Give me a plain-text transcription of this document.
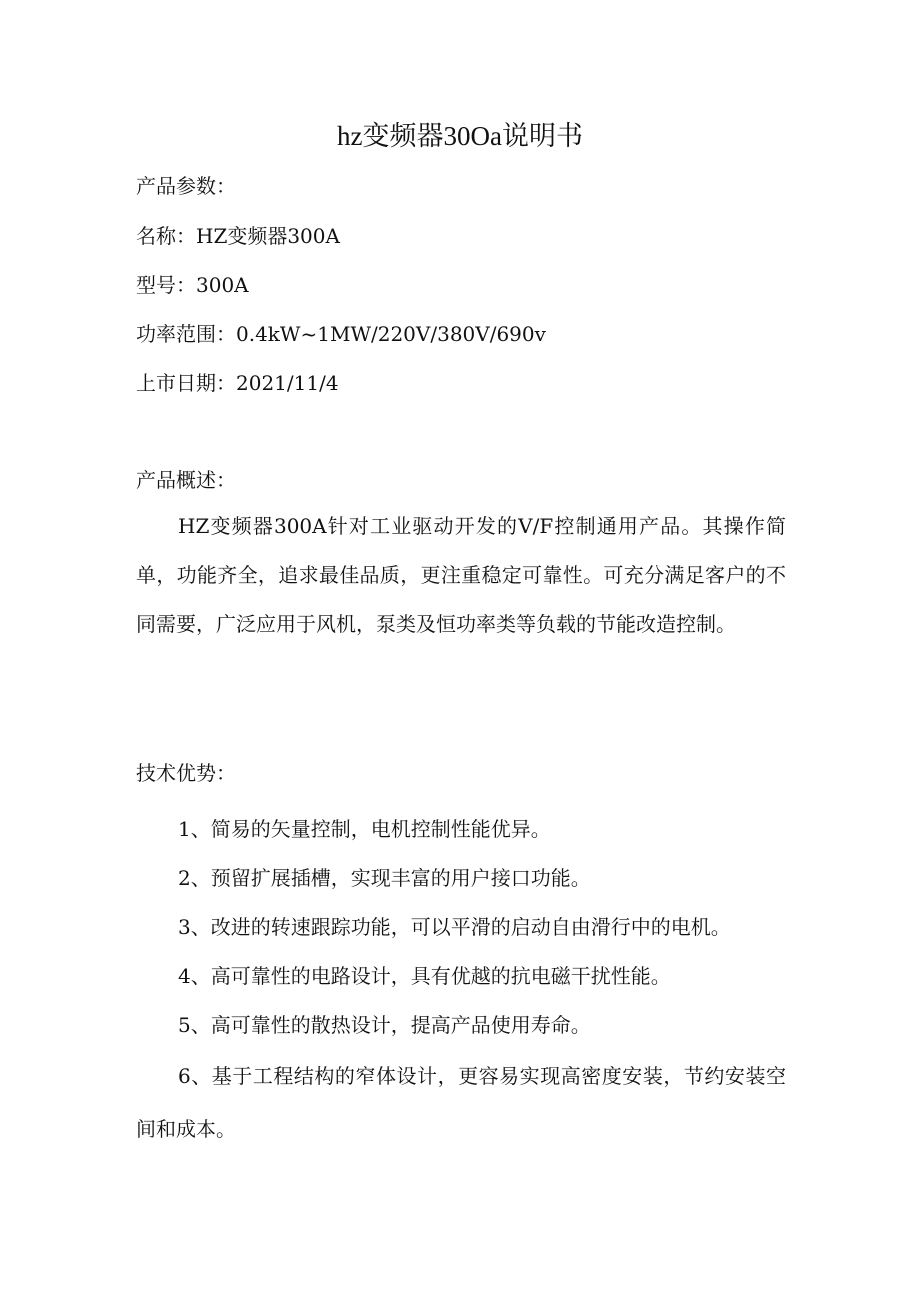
hz变频器30Oa说明书
产品参数：
名称：HZ变频器300A
型号：300A
功率范围：0.4kW~1MW/220V/380V/690v
上市日期：2021/11/4
产品概述：

HZ变频器300A针对工业驱动开发的V/F控制通用产品。其操作简单，功能齐全，追求最佳品质，更注重稳定可靠性。可充分满足客户的不同需要，广泛应用于风机，泵类及恒功率类等负载的节能改造控制。

技术优势：
1、简易的矢量控制，电机控制性能优异。
2、预留扩展插槽，实现丰富的用户接口功能。
3、改进的转速跟踪功能，可以平滑的启动自由滑行中的电机。
4、高可靠性的电路设计，具有优越的抗电磁干扰性能。
5、高可靠性的散热设计，提高产品使用寿命。
6、基于工程结构的窄体设计，更容易实现高密度安装，节约安装空间和成本。
